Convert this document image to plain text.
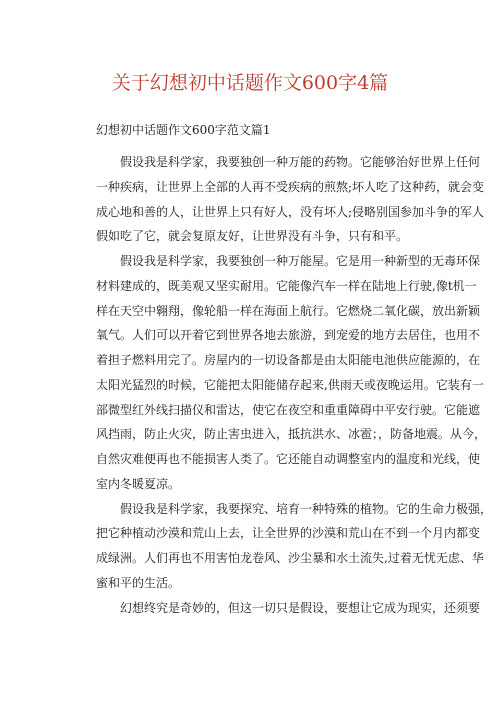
关于幻想初中话题作文600字4篇
幻想初中话题作文600字范文篇1
假设我是科学家，我要独创一种万能的药物。它能够治好世界上任何
一种疾病，让世界上全部的人再不受疾病的煎熬;坏人吃了这种药，就会变
成心地和善的人，让世界上只有好人，没有坏人;侵略别国参加斗争的军人
假如吃了它，就会复原友好，让世界没有斗争，只有和平。
假设我是科学家，我要独创一种万能屋。它是用一种新型的无毒环保
材料建成的，既美观又坚实耐用。它能像汽车一样在陆地上行驶,像t机一
样在天空中翱翔，像轮船一样在海面上航行。它燃烧二氧化碳，放出新颖
氧气。人们可以开着它到世界各地去旅游，到宠爱的地方去居住，也用不
着担子燃料用完了。房屋内的一切设备都是由太阳能电池供应能源的，在
太阳光猛烈的时候，它能把太阳能储存起来,供雨天或夜晚运用。它装有一
部微型红外线扫描仪和雷达，使它在夜空和重重障碍中平安行驶。它能遮
风挡雨，防止火灾，防止害虫进入，抵抗洪水、冰雹；，防备地震。从今，
自然灾难便再也不能损害人类了。它还能自动调整室内的温度和光线，使
室内冬暖夏凉。
假设我是科学家，我要探究、培育一种特殊的植物。它的生命力极强，
把它种植动沙漠和荒山上去，让全世界的沙漠和荒山在不到一个月内都变
成绿洲。人们再也不用害怕龙卷风、沙尘暴和水土流失,过着无忧无虑、华
蜜和平的生活。
幻想终究是奇妙的，但这一切只是假设，要想让它成为现实，还须要
